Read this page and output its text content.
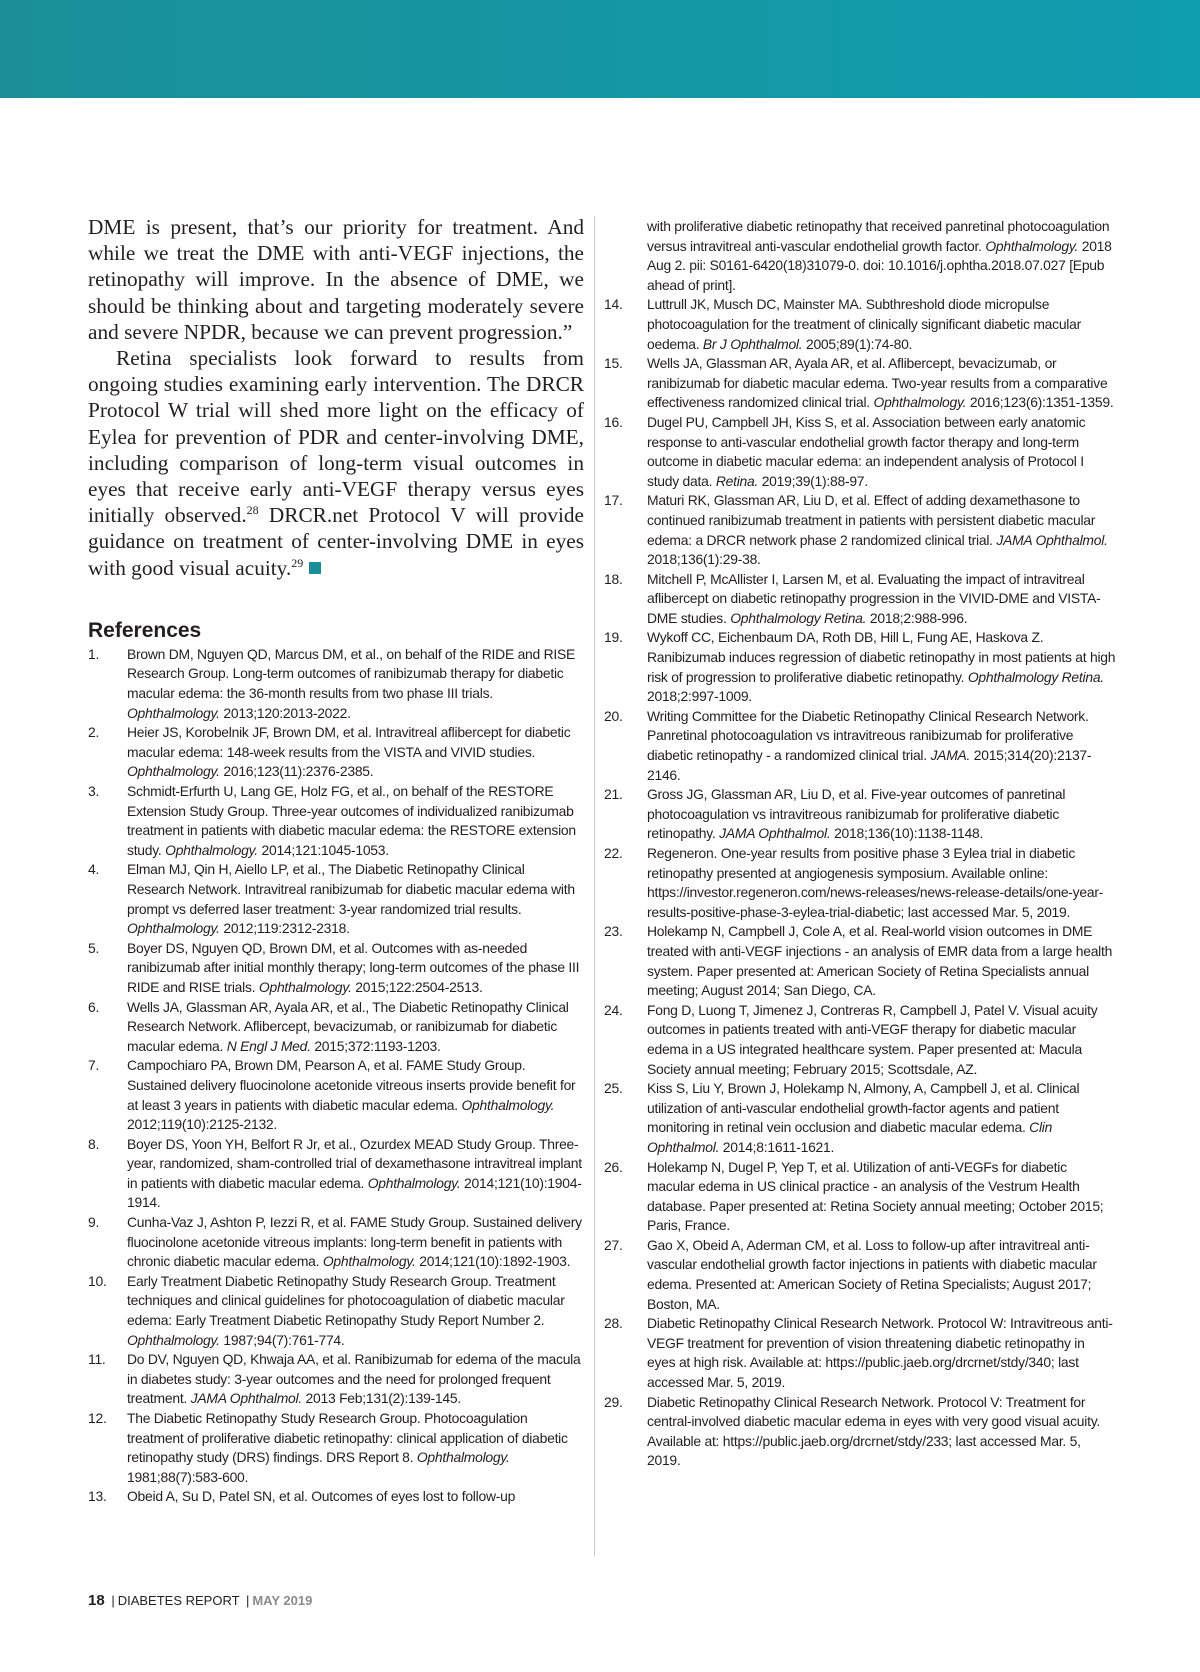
DME is present, that’s our priority for treatment. And while we treat the DME with anti-VEGF injections, the retinopathy will improve. In the absence of DME, we should be thinking about and targeting moderately severe and severe NPDR, because we can prevent progression.”

Retina specialists look forward to results from ongoing studies examining early intervention. The DRCR Protocol W trial will shed more light on the efficacy of Eylea for prevention of PDR and center-involving DME, including comparison of long-term visual outcomes in eyes that receive early anti-VEGF therapy versus eyes initially observed.$^{28}$ DRCR.net Protocol V will provide guidance on treatment of center-involving DME in eyes with good visual acuity.$^{29}$

References
1.	Brown DM, Nguyen QD, Marcus DM, et al., on behalf of the RIDE and RISE Research Group. Long-term outcomes of ranibizumab therapy for diabetic macular edema: the 36-month results from two phase III trials. Ophthalmology. 2013;120:2013-2022.
2.	Heier JS, Korobelnik JF, Brown DM, et al. Intravitreal aflibercept for diabetic macular edema: 148-week results from the VISTA and VIVID studies. Ophthalmology. 2016;123(11):2376-2385.
3.	Schmidt-Erfurth U, Lang GE, Holz FG, et al., on behalf of the RESTORE Extension Study Group. Three-year outcomes of individualized ranibizumab treatment in patients with diabetic macular edema: the RESTORE extension study. Ophthalmology. 2014;121:1045-1053.
4.	Elman MJ, Qin H, Aiello LP, et al., The Diabetic Retinopathy Clinical Research Network. Intravitreal ranibizumab for diabetic macular edema with prompt vs deferred laser treatment: 3-year randomized trial results. Ophthalmology. 2012;119:2312-2318.
5.	Boyer DS, Nguyen QD, Brown DM, et al. Outcomes with as-needed ranibizumab after initial monthly therapy; long-term outcomes of the phase III RIDE and RISE trials. Ophthalmology. 2015;122:2504-2513.
6.	Wells JA, Glassman AR, Ayala AR, et al., The Diabetic Retinopathy Clinical Research Network. Aflibercept, bevacizumab, or ranibizumab for diabetic macular edema. N Engl J Med. 2015;372:1193-1203.
7.	Campochiaro PA, Brown DM, Pearson A, et al. FAME Study Group. Sustained delivery fluocinolone acetonide vitreous inserts provide benefit for at least 3 years in patients with diabetic macular edema. Ophthalmology. 2012;119(10):2125-2132.
8.	Boyer DS, Yoon YH, Belfort R Jr, et al., Ozurdex MEAD Study Group. Three-year, randomized, sham-controlled trial of dexamethasone intravitreal implant in patients with diabetic macular edema. Ophthalmology. 2014;121(10):1904-1914.
9.	Cunha-Vaz J, Ashton P, Iezzi R, et al. FAME Study Group. Sustained delivery fluocinolone acetonide vitreous implants: long-term benefit in patients with chronic diabetic macular edema. Ophthalmology. 2014;121(10):1892-1903.
10.	Early Treatment Diabetic Retinopathy Study Research Group. Treatment techniques and clinical guidelines for photocoagulation of diabetic macular edema: Early Treatment Diabetic Retinopathy Study Report Number 2. Ophthalmology. 1987;94(7):761-774.
11.	Do DV, Nguyen QD, Khwaja AA, et al. Ranibizumab for edema of the macula in diabetes study: 3-year outcomes and the need for prolonged frequent treatment. JAMA Ophthalmol. 2013 Feb;131(2):139-145.
12.	The Diabetic Retinopathy Study Research Group. Photocoagulation treatment of proliferative diabetic retinopathy: clinical application of diabetic retinopathy study (DRS) findings. DRS Report 8. Ophthalmology. 1981;88(7):583-600.
13.	Obeid A, Su D, Patel SN, et al. Outcomes of eyes lost to follow-up
with proliferative diabetic retinopathy that received panretinal photocoagulation versus intravitreal anti-vascular endothelial growth factor. Ophthalmology. 2018 Aug 2. pii: S0161-6420(18)31079-0. doi: 10.1016/j.ophtha.2018.07.027 [Epub ahead of print].
14.	Luttrull JK, Musch DC, Mainster MA. Subthreshold diode micropulse photocoagulation for the treatment of clinically significant diabetic macular oedema. Br J Ophthalmol. 2005;89(1):74-80.
15.	Wells JA, Glassman AR, Ayala AR, et al. Aflibercept, bevacizumab, or ranibizumab for diabetic macular edema. Two-year results from a comparative effectiveness randomized clinical trial. Ophthalmology. 2016;123(6):1351-1359.
16.	Dugel PU, Campbell JH, Kiss S, et al. Association between early anatomic response to anti-vascular endothelial growth factor therapy and long-term outcome in diabetic macular edema: an independent analysis of Protocol I study data. Retina. 2019;39(1):88-97.
17.	Maturi RK, Glassman AR, Liu D, et al. Effect of adding dexamethasone to continued ranibizumab treatment in patients with persistent diabetic macular edema: a DRCR network phase 2 randomized clinical trial. JAMA Ophthalmol. 2018;136(1):29-38.
18.	Mitchell P, McAllister I, Larsen M, et al. Evaluating the impact of intravitreal aflibercept on diabetic retinopathy progression in the VIVID-DME and VISTA-DME studies. Ophthalmology Retina. 2018;2:988-996.
19.	Wykoff CC, Eichenbaum DA, Roth DB, Hill L, Fung AE, Haskova Z. Ranibizumab induces regression of diabetic retinopathy in most patients at high risk of progression to proliferative diabetic retinopathy. Ophthalmology Retina. 2018;2:997-1009.
20.	Writing Committee for the Diabetic Retinopathy Clinical Research Network. Panretinal photocoagulation vs intravitreous ranibizumab for proliferative diabetic retinopathy - a randomized clinical trial. JAMA. 2015;314(20):2137-2146.
21.	Gross JG, Glassman AR, Liu D, et al. Five-year outcomes of panretinal photocoagulation vs intravitreous ranibizumab for proliferative diabetic retinopathy. JAMA Ophthalmol. 2018;136(10):1138-1148.
22.	Regeneron. One-year results from positive phase 3 Eylea trial in diabetic retinopathy presented at angiogenesis symposium. Available online: https://investor.regeneron.com/news-releases/news-release-details/one-year-results-positive-phase-3-eylea-trial-diabetic; last accessed Mar. 5, 2019.
23.	Holekamp N, Campbell J, Cole A, et al. Real-world vision outcomes in DME treated with anti-VEGF injections - an analysis of EMR data from a large health system. Paper presented at: American Society of Retina Specialists annual meeting; August 2014; San Diego, CA.
24.	Fong D, Luong T, Jimenez J, Contreras R, Campbell J, Patel V. Visual acuity outcomes in patients treated with anti-VEGF therapy for diabetic macular edema in a US integrated healthcare system. Paper presented at: Macula Society annual meeting; February 2015; Scottsdale, AZ.
25.	Kiss S, Liu Y, Brown J, Holekamp N, Almony, A, Campbell J, et al. Clinical utilization of anti-vascular endothelial growth-factor agents and patient monitoring in retinal vein occlusion and diabetic macular edema. Clin Ophthalmol. 2014;8:1611-1621.
26.	Holekamp N, Dugel P, Yep T, et al. Utilization of anti-VEGFs for diabetic macular edema in US clinical practice - an analysis of the Vestrum Health database. Paper presented at: Retina Society annual meeting; October 2015; Paris, France.
27.	Gao X, Obeid A, Aderman CM, et al. Loss to follow-up after intravitreal anti-vascular endothelial growth factor injections in patients with diabetic macular edema. Presented at: American Society of Retina Specialists; August 2017; Boston, MA.
28.	Diabetic Retinopathy Clinical Research Network. Protocol W: Intravitreous anti-VEGF treatment for prevention of vision threatening diabetic retinopathy in eyes at high risk. Available at: https://public.jaeb.org/drcrnet/stdy/340; last accessed Mar. 5, 2019.
29.	Diabetic Retinopathy Clinical Research Network. Protocol V: Treatment for central-involved diabetic macular edema in eyes with very good visual acuity. Available at: https://public.jaeb.org/drcrnet/stdy/233; last accessed Mar. 5, 2019.
18 | DIABETES REPORT | MAY 2019
